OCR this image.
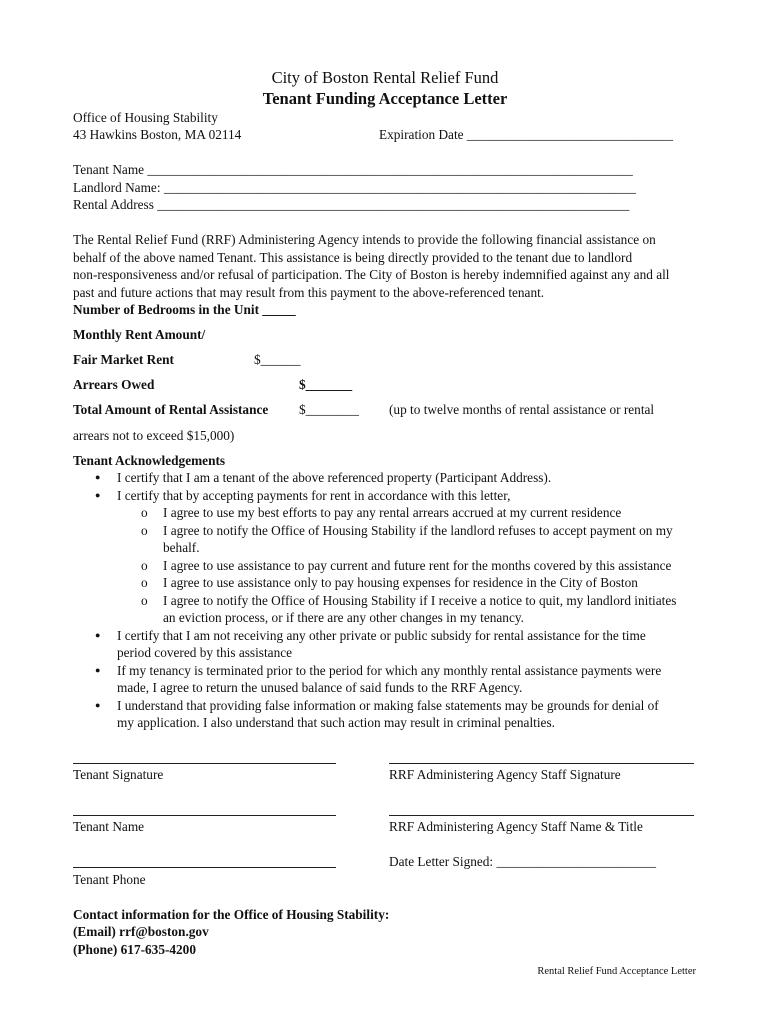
City of Boston Rental Relief Fund
Tenant Funding Acceptance Letter
Office of Housing Stability
43 Hawkins Boston, MA 02114	Expiration Date _______________________________
Tenant Name _________________________________________________________________________
Landlord Name: _______________________________________________________________________
Rental Address _______________________________________________________________________
The Rental Relief Fund (RRF) Administering Agency intends to provide the following financial assistance on
behalf of the above named Tenant. This assistance is being directly provided to the tenant due to landlord
non-responsiveness and/or refusal of participation. The City of Boston is hereby indemnified against any and all
past and future actions that may result from this payment to the above-referenced tenant.
Number of Bedrooms in the Unit _____
Monthly Rent Amount/
Fair Market Rent	$______
Arrears Owed	$_______
Total Amount of Rental Assistance $________ (up to twelve months of rental assistance or rental
arrears not to exceed $15,000)
Tenant Acknowledgements
●
●
●
●
●
I certify that I am a tenant of the above referenced property (Participant Address).
I certify that by accepting payments for rent in accordance with this letter,
o
o
o
o
o
I agree to use my best efforts to pay any rental arrears accrued at my current residence
I agree to notify the Office of Housing Stability if the landlord refuses to accept payment on my
behalf.
I agree to use assistance to pay current and future rent for the months covered by this assistance
I agree to use assistance only to pay housing expenses for residence in the City of Boston
I agree to notify the Office of Housing Stability if I receive a notice to quit, my landlord initiates
an eviction process, or if there are any other changes in my tenancy.
I certify that I am not receiving any other private or public subsidy for rental assistance for the time
period covered by this assistance
If my tenancy is terminated prior to the period for which any monthly rental assistance payments were
made, I agree to return the unused balance of said funds to the RRF Agency.
I understand that providing false information or making false statements may be grounds for denial of
my application. I also understand that such action may result in criminal penalties.
Tenant Signature	RRF Administering Agency Staff Signature
Tenant Name	RRF Administering Agency Staff Name & Title
Date Letter Signed: ________________________
Tenant Phone
Contact information for the Office of Housing Stability:
(Email) rrf@boston.gov
(Phone) 617-635-4200
Rental Relief Fund Acceptance Letter
